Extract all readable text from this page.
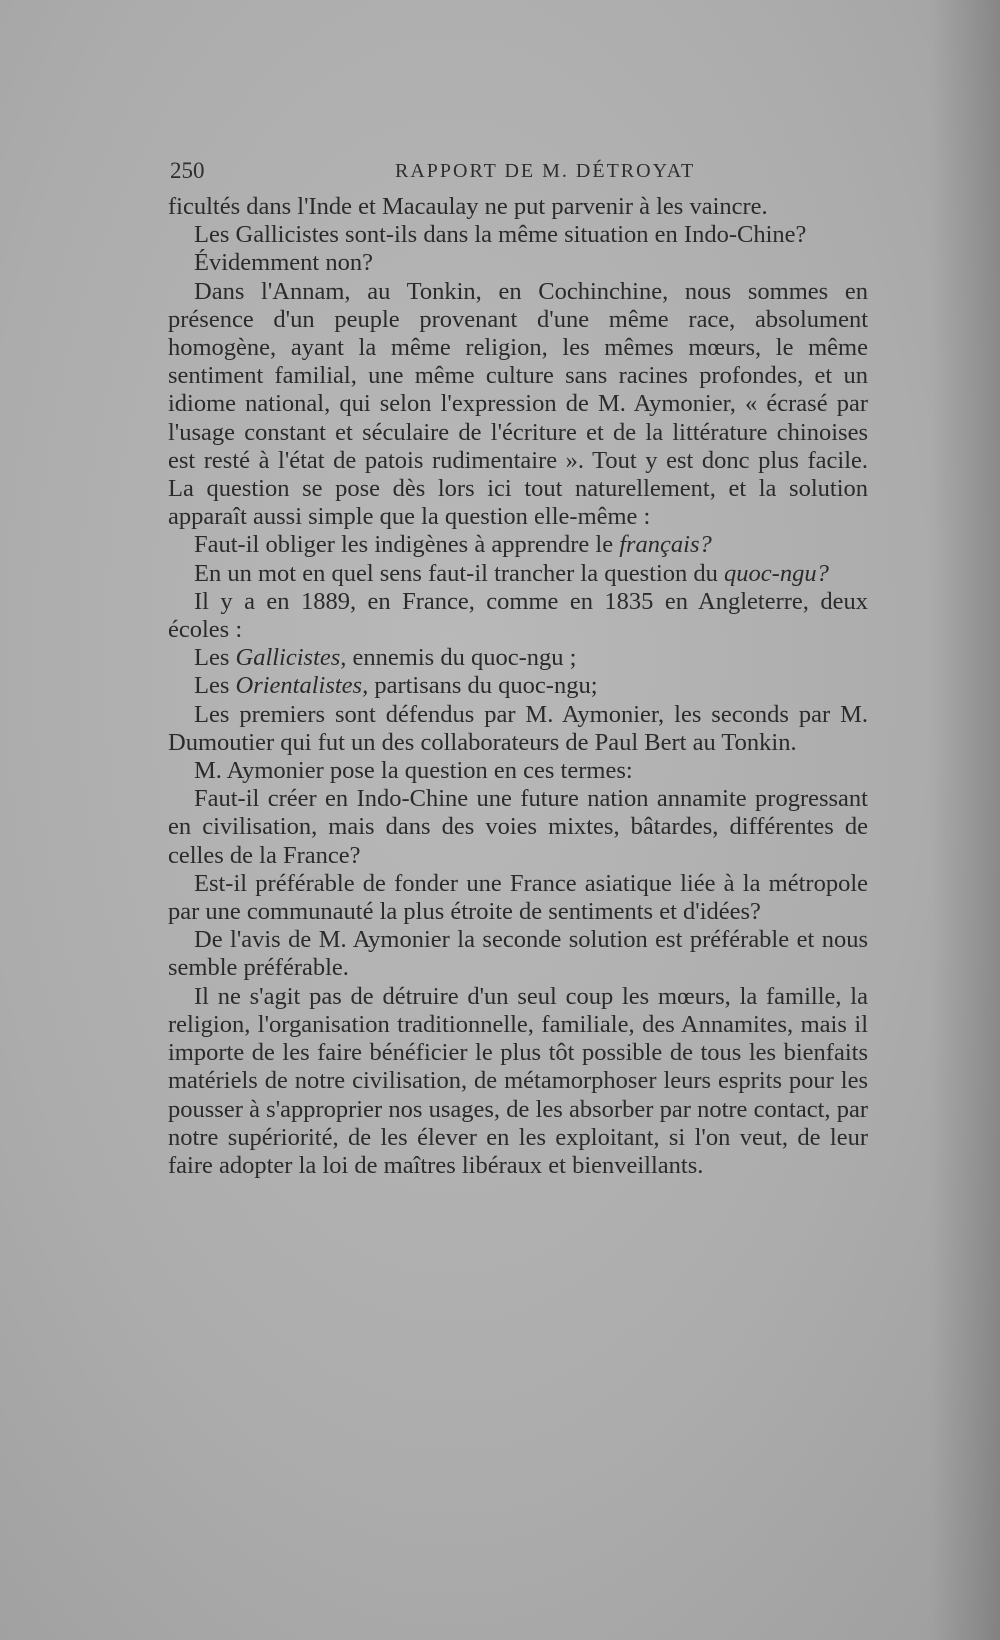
250	RAPPORT DE M. DÉTROYAT

ficultés dans l'Inde et Macaulay ne put parvenir à les vaincre.

Les Gallicistes sont-ils dans la même situation en Indo-Chine?

Évidemment non?

Dans l'Annam, au Tonkin, en Cochinchine, nous sommes en présence d'un peuple provenant d'une même race, absolument homogène, ayant la même religion, les mêmes mœurs, le même sentiment familial, une même culture sans racines profondes, et un idiome national, qui selon l'expression de M. Aymonier, « écrasé par l'usage constant et séculaire de l'écriture et de la littérature chinoises est resté à l'état de patois rudimentaire ». Tout y est donc plus facile. La question se pose dès lors ici tout naturellement, et la solution apparaît aussi simple que la question elle-même :

Faut-il obliger les indigènes à apprendre le français?

En un mot en quel sens faut-il trancher la question du quoc-ngu?

Il y a en 1889, en France, comme en 1835 en Angleterre, deux écoles :

Les Gallicistes, ennemis du quoc-ngu ;

Les Orientalistes, partisans du quoc-ngu;

Les premiers sont défendus par M. Aymonier, les seconds par M. Dumoutier qui fut un des collaborateurs de Paul Bert au Tonkin.

M. Aymonier pose la question en ces termes:

Faut-il créer en Indo-Chine une future nation annamite progressant en civilisation, mais dans des voies mixtes, bâtardes, différentes de celles de la France?

Est-il préférable de fonder une France asiatique liée à la métropole par une communauté la plus étroite de sentiments et d'idées?

De l'avis de M. Aymonier la seconde solution est préférable et nous semble préférable.

Il ne s'agit pas de détruire d'un seul coup les mœurs, la famille, la religion, l'organisation traditionnelle, familiale, des Annamites, mais il importe de les faire bénéficier le plus tôt possible de tous les bienfaits matériels de notre civilisation, de métamorphoser leurs esprits pour les pousser à s'approprier nos usages, de les absorber par notre contact, par notre supériorité, de les élever en les exploitant, si l'on veut, de leur faire adopter la loi de maîtres libéraux et bienveillants.
